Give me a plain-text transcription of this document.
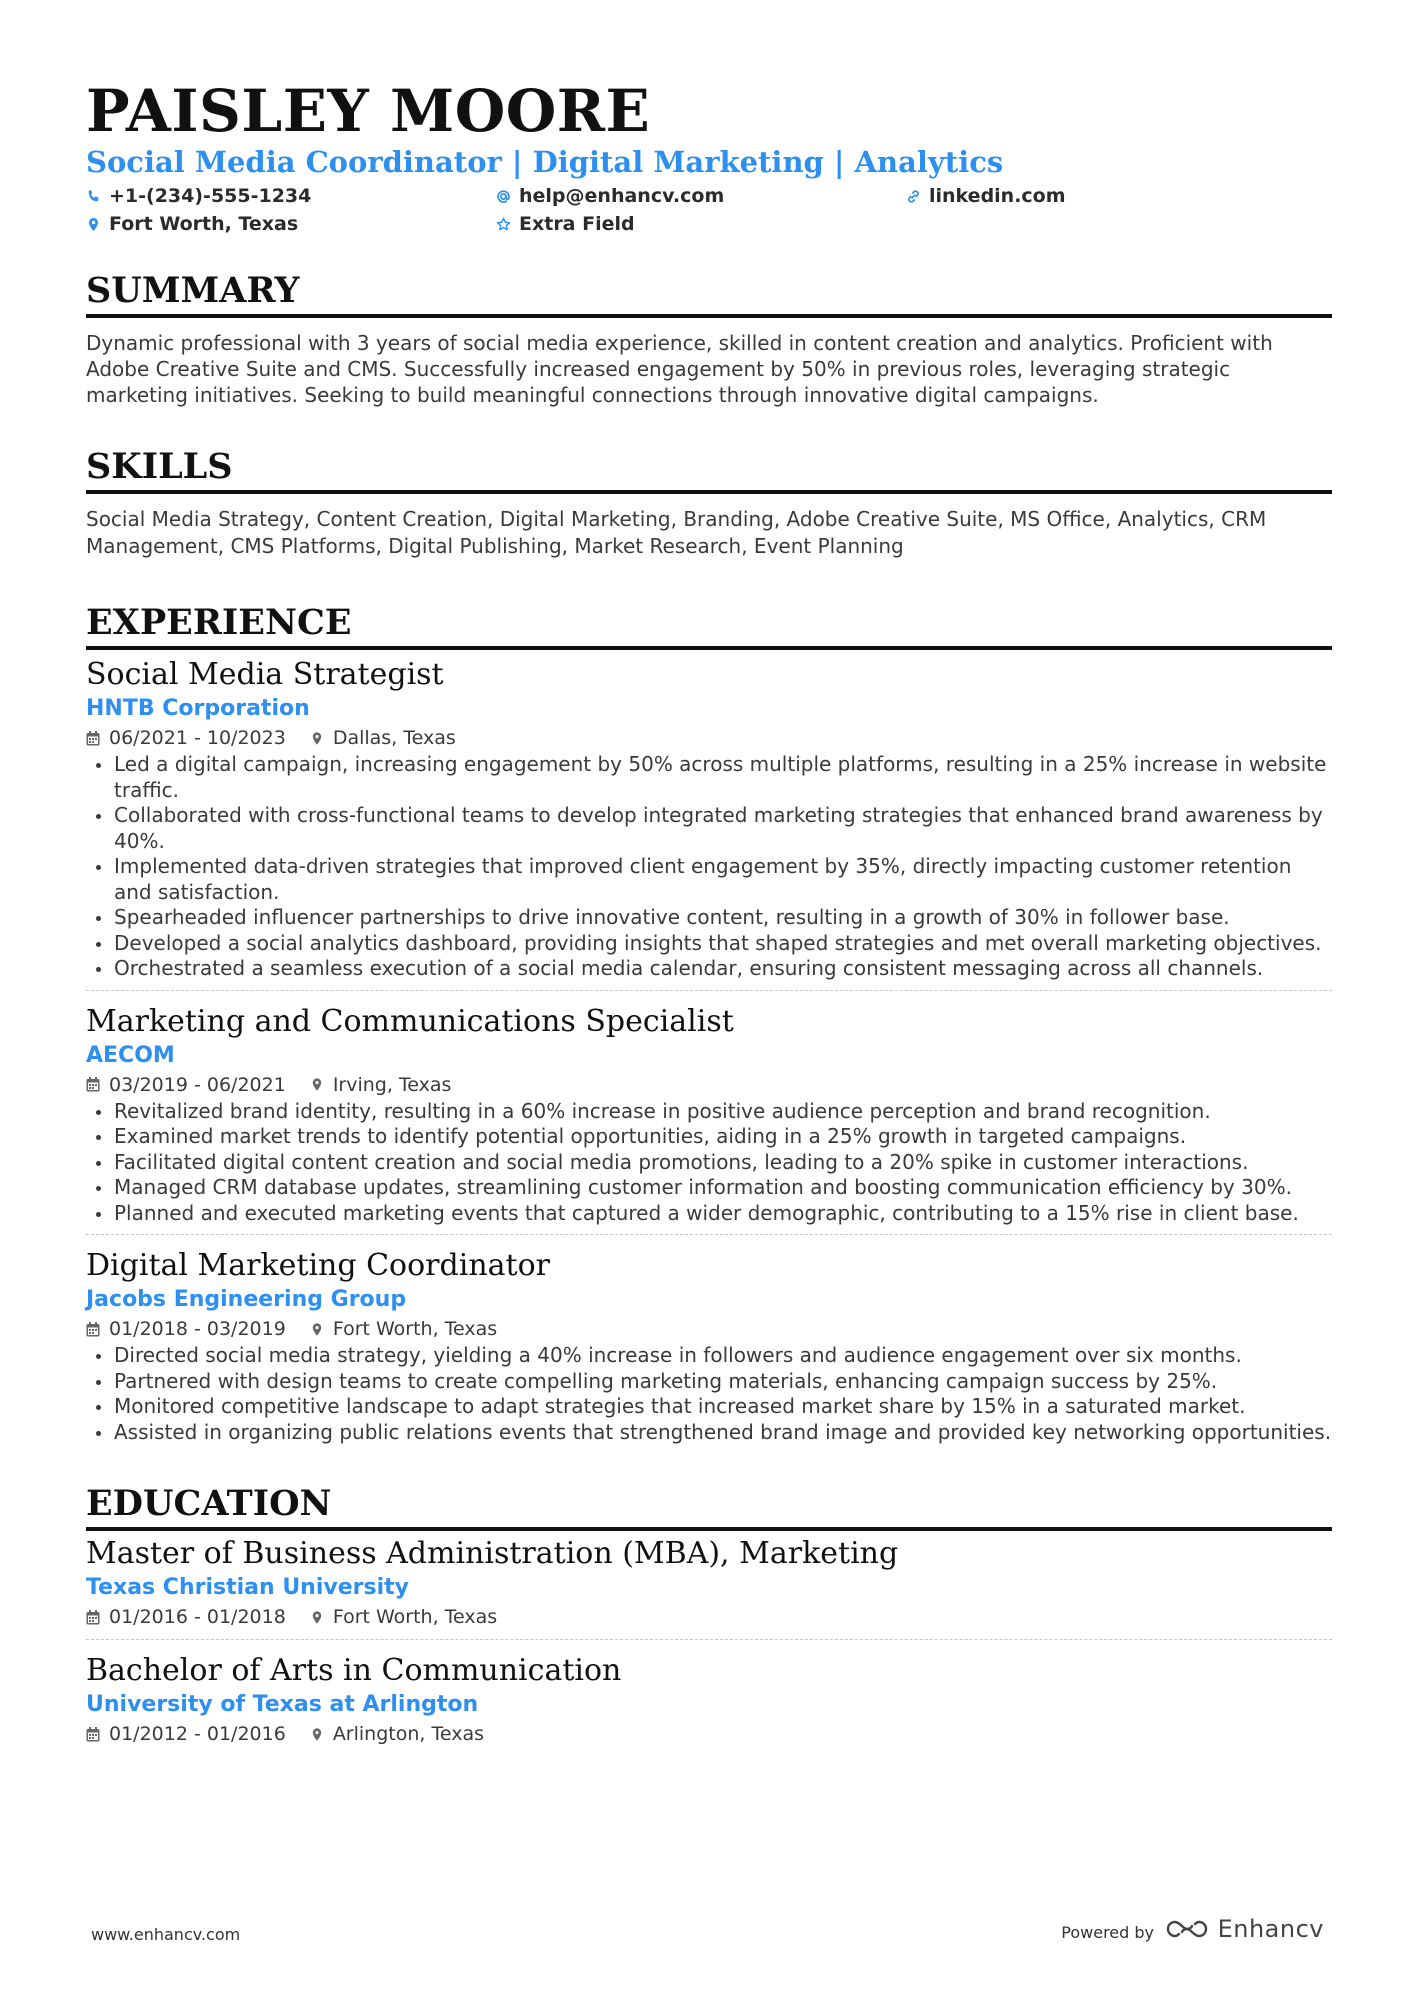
PAISLEY MOORE
Social Media Coordinator | Digital Marketing | Analytics
+1-(234)-555-1234	help@enhancv.com	linkedin.com
Fort Worth, Texas	Extra Field
SUMMARY

Dynamic professional with 3 years of social media experience, skilled in content creation and analytics. Proficient with Adobe Creative Suite and CMS. Successfully increased engagement by 50% in previous roles, leveraging strategic marketing initiatives. Seeking to build meaningful connections through innovative digital campaigns.

SKILLS

Social Media Strategy, Content Creation, Digital Marketing, Branding, Adobe Creative Suite, MS Office, Analytics, CRM Management, CMS Platforms, Digital Publishing, Market Research, Event Planning

EXPERIENCE
Social Media Strategist
HNTB Corporation
06/2021 - 10/2023 Dallas, Texas
Led a digital campaign, increasing engagement by 50% across multiple platforms, resulting in a 25% increase in website traffic.
Collaborated with cross-functional teams to develop integrated marketing strategies that enhanced brand awareness by 40%.
Implemented data-driven strategies that improved client engagement by 35%, directly impacting customer retention and satisfaction.
Spearheaded influencer partnerships to drive innovative content, resulting in a growth of 30% in follower base.
Developed a social analytics dashboard, providing insights that shaped strategies and met overall marketing objectives.
Orchestrated a seamless execution of a social media calendar, ensuring consistent messaging across all channels.
Marketing and Communications Specialist
AECOM
03/2019 - 06/2021 Irving, Texas
Revitalized brand identity, resulting in a 60% increase in positive audience perception and brand recognition.
Examined market trends to identify potential opportunities, aiding in a 25% growth in targeted campaigns.
Facilitated digital content creation and social media promotions, leading to a 20% spike in customer interactions.
Managed CRM database updates, streamlining customer information and boosting communication efficiency by 30%.
Planned and executed marketing events that captured a wider demographic, contributing to a 15% rise in client base.
Digital Marketing Coordinator
Jacobs Engineering Group
01/2018 - 03/2019 Fort Worth, Texas
Directed social media strategy, yielding a 40% increase in followers and audience engagement over six months.
Partnered with design teams to create compelling marketing materials, enhancing campaign success by 25%.
Monitored competitive landscape to adapt strategies that increased market share by 15% in a saturated market.
Assisted in organizing public relations events that strengthened brand image and provided key networking opportunities.
EDUCATION
Master of Business Administration (MBA), Marketing
Texas Christian University
01/2016 - 01/2018 Fort Worth, Texas
Bachelor of Arts in Communication
University of Texas at Arlington
01/2012 - 01/2016 Arlington, Texas
www.enhancv.com	Powered by	Enhancv
